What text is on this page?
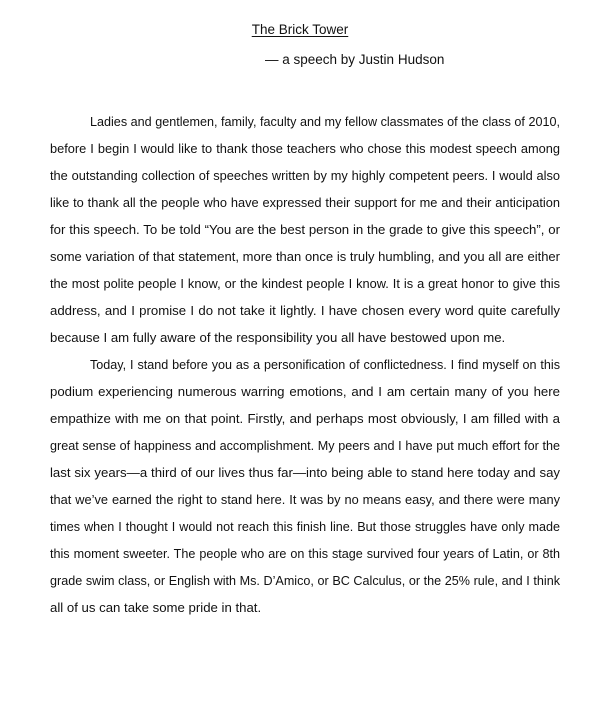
The Brick Tower

— a speech by Justin Hudson

Ladies and gentlemen, family, faculty and my fellow classmates of the class of 2010,
before I begin I would like to thank those teachers who chose this modest speech among
the outstanding collection of speeches written by my highly competent peers. I would also
like to thank all the people who have expressed their support for me and their anticipation
for this speech. To be told “You are the best person in the grade to give this speech”, or
some variation of that statement, more than once is truly humbling, and you all are either
the most polite people I know, or the kindest people I know. It is a great honor to give this
address, and I promise I do not take it lightly. I have chosen every word quite carefully
because I am fully aware of the responsibility you all have bestowed upon me.
Today, I stand before you as a personification of conflictedness. I find myself on this
podium experiencing numerous warring emotions, and I am certain many of you here
empathize with me on that point. Firstly, and perhaps most obviously, I am filled with a
great sense of happiness and accomplishment. My peers and I have put much effort for the
last six years—a third of our lives thus far—into being able to stand here today and say
that we’ve earned the right to stand here. It was by no means easy, and there were many
times when I thought I would not reach this finish line. But those struggles have only made
this moment sweeter. The people who are on this stage survived four years of Latin, or 8th
grade swim class, or English with Ms. D’Amico, or BC Calculus, or the 25% rule, and I think
all of us can take some pride in that.
